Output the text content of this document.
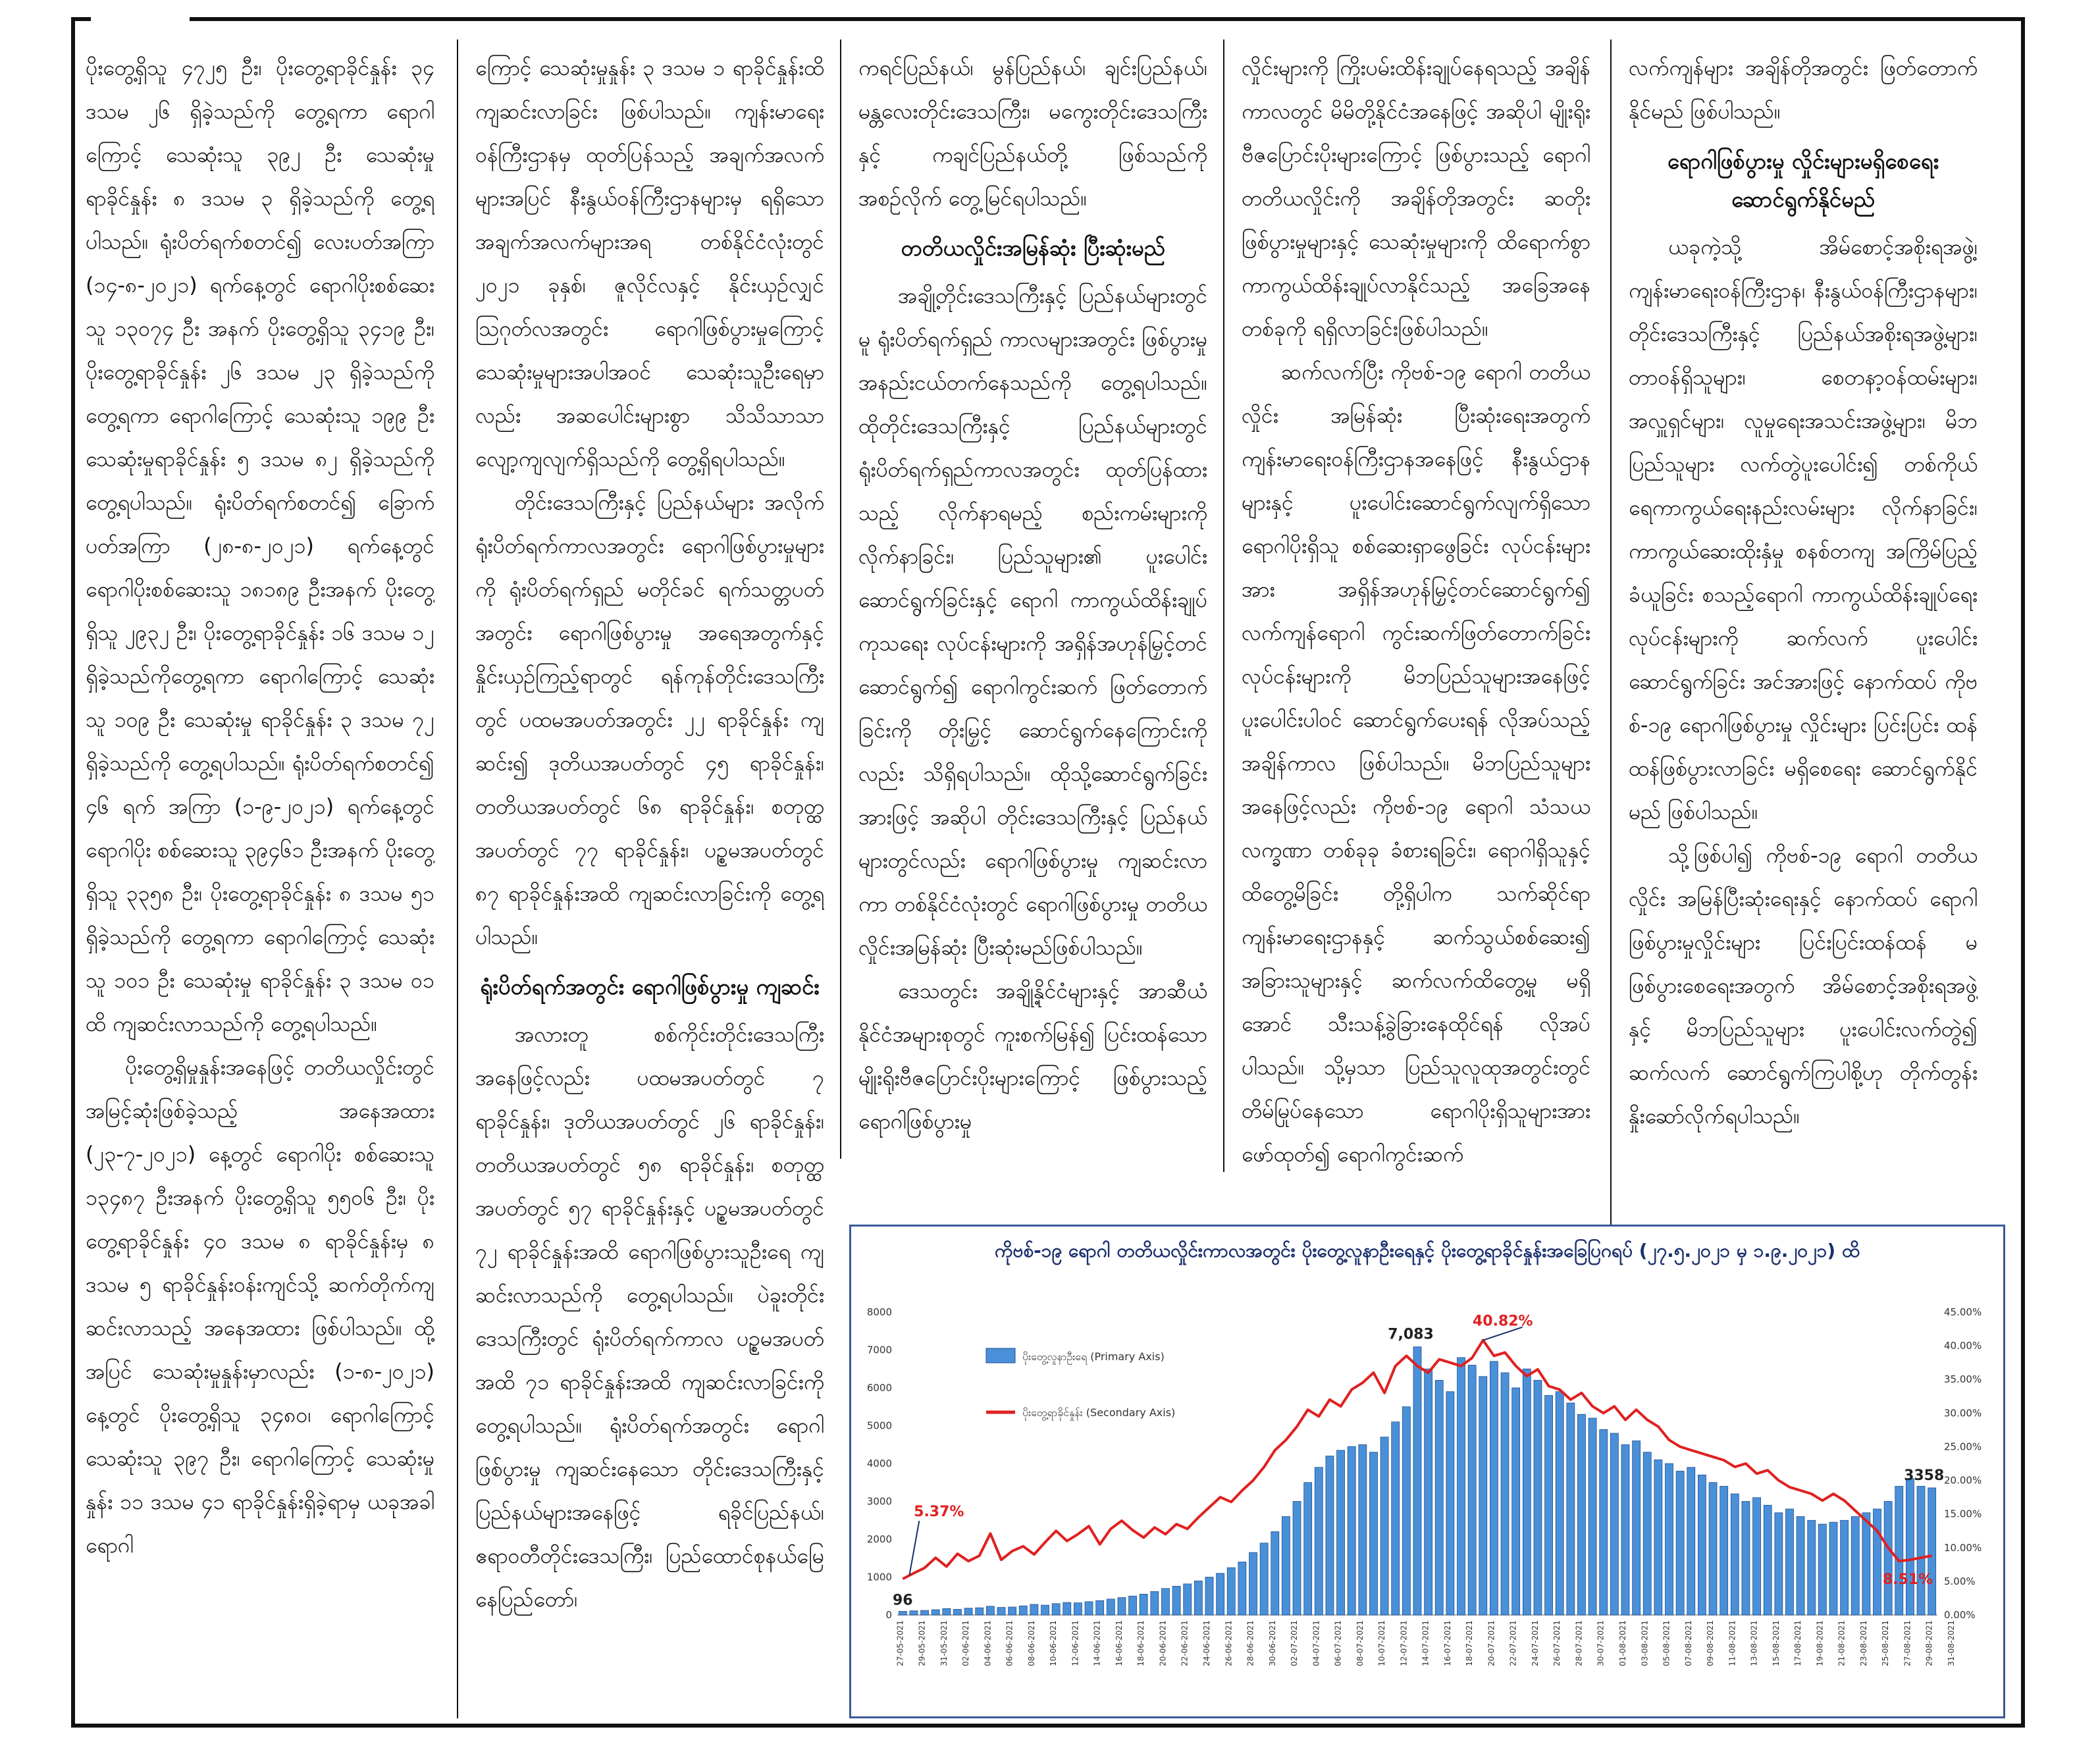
ပိုးတွေ့ရှိသူ ၄၇၂၅ ဦး၊ ပိုးတွေ့ရာခိုင်နှုန်း ၃၄ ဒသမ ၂၆ ရှိခဲ့သည်ကို တွေ့ရကာ ရောဂါကြောင့် သေဆုံးသူ ၃၉၂ ဦး သေဆုံးမှုရာခိုင်နှုန်း ၈ ဒသမ ၃ ရှိခဲ့သည်ကို တွေ့ရပါသည်။ ရုံးပိတ်ရက်စတင်၍ လေးပတ်အကြာ (၁၄-၈-၂၀၂၁) ရက်နေ့တွင် ရောဂါပိုးစစ်ဆေးသူ ၁၃၀၇၄ ဦး အနက် ပိုးတွေ့ရှိသူ ၃၄၁၉ ဦး၊ ပိုးတွေ့ရာခိုင်နှုန်း ၂၆ ဒသမ ၂၃ ရှိခဲ့သည်ကို တွေ့ရကာ ရောဂါကြောင့် သေဆုံးသူ ၁၉၉ ဦး သေဆုံးမှုရာခိုင်နှုန်း ၅ ဒသမ ၈၂ ရှိခဲ့သည်ကို တွေ့ရပါသည်။ ရုံးပိတ်ရက်စတင်၍ ခြောက်ပတ်အကြာ (၂၈-၈-၂၀၂၁) ရက်နေ့တွင် ရောဂါပိုးစစ်ဆေးသူ ၁၈၁၈၉ ဦးအနက် ပိုးတွေ့ရှိသူ ၂၉၃၂ ဦး၊ ပိုးတွေ့ရာခိုင်နှုန်း ၁၆ ဒသမ ၁၂ ရှိခဲ့သည်ကိုတွေ့ရကာ ရောဂါကြောင့် သေဆုံးသူ ၁၀၉ ဦး သေဆုံးမှု ရာခိုင်နှုန်း ၃ ဒသမ ၇၂ ရှိခဲ့သည်ကို တွေ့ရပါသည်။ ရုံးပိတ်ရက်စတင်၍ ၄၆ ရက် အကြာ (၁-၉-၂၀၂၁) ရက်နေ့တွင် ရောဂါပိုး စစ်ဆေးသူ ၃၉၄၆၁ ဦးအနက် ပိုးတွေ့ရှိသူ ၃၃၅၈ ဦး၊ ပိုးတွေ့ရာခိုင်နှုန်း ၈ ဒသမ ၅၁ ရှိခဲ့သည်ကို တွေ့ရကာ ရောဂါကြောင့် သေဆုံးသူ ၁၀၁ ဦး သေဆုံးမှု ရာခိုင်နှုန်း ၃ ဒသမ ၀၁ ထိ ကျဆင်းလာသည်ကို တွေ့ရပါသည်။

ပိုးတွေ့ရှိမှုနှုန်းအနေဖြင့် တတိယလှိုင်းတွင် အမြင့်ဆုံးဖြစ်ခဲ့သည့် အနေအထား (၂၃-၇-၂၀၂၁) နေ့တွင် ရောဂါပိုး စစ်ဆေးသူ ၁၃၄၈၇ ဦးအနက် ပိုးတွေ့ရှိသူ ၅၅၀၆ ဦး၊ ပိုးတွေ့ရာခိုင်နှုန်း ၄၀ ဒသမ ၈ ရာခိုင်နှုန်းမှ ၈ ဒသမ ၅ ရာခိုင်နှုန်းဝန်းကျင်သို့ ဆက်တိုက်ကျဆင်းလာသည့် အနေအထား ဖြစ်ပါသည်။ ထို့အပြင် သေဆုံးမှုနှုန်းမှာလည်း (၁-၈-၂၀၂၁) နေ့တွင် ပိုးတွေ့ရှိသူ ၃၄၈၀၊ ရောဂါကြောင့် သေဆုံးသူ ၃၉၇ ဦး၊ ရောဂါကြောင့် သေဆုံးမှုနှုန်း ၁၁ ဒသမ ၄၁ ရာခိုင်နှုန်းရှိခဲ့ရာမှ ယခုအခါ ရောဂါ

ကြောင့် သေဆုံးမှုနှုန်း ၃ ဒသမ ၁ ရာခိုင်နှုန်းထိ ကျဆင်းလာခြင်း ဖြစ်ပါသည်။ ကျန်းမာရေးဝန်ကြီးဌာနမှ ထုတ်ပြန်သည့် အချက်အလက်များအပြင် နီးနွယ်ဝန်ကြီးဌာနများမှ ရရှိသော အချက်အလက်များအရ တစ်နိုင်ငံလုံးတွင် ၂၀၂၁ ခုနှစ်၊ ဇူလိုင်လနှင့် နိုင်းယှဉ်လျှင် ဩဂုတ်လအတွင်း ရောဂါဖြစ်ပွားမှုကြောင့် သေဆုံးမှုများအပါအဝင် သေဆုံးသူဦးရေမှာလည်း အဆပေါင်းများစွာ သိသိသာသာ လျော့ကျလျက်ရှိသည်ကို တွေ့ရှိရပါသည်။

တိုင်းဒေသကြီးနှင့် ပြည်နယ်များ အလိုက် ရုံးပိတ်ရက်ကာလအတွင်း ရောဂါဖြစ်ပွားမှုများကို ရုံးပိတ်ရက်ရှည် မတိုင်ခင် ရက်သတ္တပတ်အတွင်း ရောဂါဖြစ်ပွားမှု အရေအတွက်နှင့် နှိုင်းယှဉ်ကြည့်ရာတွင် ရန်ကုန်တိုင်းဒေသကြီးတွင် ပထမအပတ်အတွင်း ၂၂ ရာခိုင်နှုန်း ကျဆင်း၍ ဒုတိယအပတ်တွင် ၄၅ ရာခိုင်နှုန်း၊ တတိယအပတ်တွင် ၆၈ ရာခိုင်နှုန်း၊ စတုတ္ထအပတ်တွင် ၇၇ ရာခိုင်နှုန်း၊ ပဉ္စမအပတ်တွင် ၈၇ ရာခိုင်နှုန်းအထိ ကျဆင်းလာခြင်းကို တွေ့ရပါသည်။

ရုံးပိတ်ရက်အတွင်း ရောဂါဖြစ်ပွားမှု ကျဆင်း

အလားတူ စစ်ကိုင်းတိုင်းဒေသကြီး အနေဖြင့်လည်း ပထမအပတ်တွင် ၇ ရာခိုင်နှုန်း၊ ဒုတိယအပတ်တွင် ၂၆ ရာခိုင်နှုန်း၊ တတိယအပတ်တွင် ၅၈ ရာခိုင်နှုန်း၊ စတုတ္ထအပတ်တွင် ၅၇ ရာခိုင်နှုန်းနှင့် ပဉ္စမအပတ်တွင် ၇၂ ရာခိုင်နှုန်းအထိ ရောဂါဖြစ်ပွားသူဦးရေ ကျဆင်းလာသည်ကို တွေ့ရပါသည်။ ပဲခူးတိုင်းဒေသကြီးတွင် ရုံးပိတ်ရက်ကာလ ပဉ္စမအပတ်အထိ ၇၁ ရာခိုင်နှုန်းအထိ ကျဆင်းလာခြင်းကို တွေ့ရပါသည်။ ရုံးပိတ်ရက်အတွင်း ရောဂါဖြစ်ပွားမှု ကျဆင်းနေသော တိုင်းဒေသကြီးနှင့် ပြည်နယ်များအနေဖြင့် ရခိုင်ပြည်နယ်၊ ဧရာဝတီတိုင်းဒေသကြီး၊ ပြည်ထောင်စုနယ်မြေ နေပြည်တော်၊

ကရင်ပြည်နယ်၊ မွန်ပြည်နယ်၊ ချင်းပြည်နယ်၊ မန္တလေးတိုင်းဒေသကြီး၊ မကွေးတိုင်းဒေသကြီးနှင့် ကချင်ပြည်နယ်တို့ ဖြစ်သည်ကို အစဉ်လိုက် တွေ့မြင်ရပါသည်။

တတိယလှိုင်းအမြန်ဆုံး ပြီးဆုံးမည်

အချို့တိုင်းဒေသကြီးနှင့် ပြည်နယ်များတွင်မူ ရုံးပိတ်ရက်ရှည် ကာလများအတွင်း ဖြစ်ပွားမှုအနည်းငယ်တက်နေသည်ကို တွေ့ရပါသည်။ ထိုတိုင်းဒေသကြီးနှင့် ပြည်နယ်များတွင် ရုံးပိတ်ရက်ရှည်ကာလအတွင်း ထုတ်ပြန်ထားသည့် လိုက်နာရမည့် စည်းကမ်းများကို လိုက်နာခြင်း၊ ပြည်သူများ၏ ပူးပေါင်းဆောင်ရွက်ခြင်းနှင့် ရောဂါ ကာကွယ်ထိန်းချုပ်ကုသရေး လုပ်ငန်းများကို အရှိန်အဟုန်မြှင့်တင် ဆောင်ရွက်၍ ရောဂါကွင်းဆက် ဖြတ်တောက်ခြင်းကို တိုးမြှင့် ဆောင်ရွက်နေကြောင်းကိုလည်း သိရှိရပါသည်။ ထိုသို့ဆောင်ရွက်ခြင်းအားဖြင့် အဆိုပါ တိုင်းဒေသကြီးနှင့် ပြည်နယ်များတွင်လည်း ရောဂါဖြစ်ပွားမှု ကျဆင်းလာကာ တစ်နိုင်ငံလုံးတွင် ရောဂါဖြစ်ပွားမှု တတိယလှိုင်းအမြန်ဆုံး ပြီးဆုံးမည်ဖြစ်ပါသည်။

ဒေသတွင်း အချို့နိုင်ငံများနှင့် အာဆီယံနိုင်ငံအများစုတွင် ကူးစက်မြန်၍ ပြင်းထန်သော မျိုးရိုးဗီဇပြောင်းပိုးများကြောင့် ဖြစ်ပွားသည့် ရောဂါဖြစ်ပွားမှု

လှိုင်းများကို ကြိုးပမ်းထိန်းချုပ်နေရသည့် အချိန်ကာလတွင် မိမိတို့နိုင်ငံအနေဖြင့် အဆိုပါ မျိုးရိုးဗီဇပြောင်းပိုးများကြောင့် ဖြစ်ပွားသည့် ရောဂါတတိယလှိုင်းကို အချိန်တိုအတွင်း ဆတိုးဖြစ်ပွားမှုများနှင့် သေဆုံးမှုများကို ထိရောက်စွာ ကာကွယ်ထိန်းချုပ်လာနိုင်သည့် အခြေအနေတစ်ခုကို ရရှိလာခြင်းဖြစ်ပါသည်။

ဆက်လက်ပြီး ကိုဗစ်-၁၉ ရောဂါ တတိယလှိုင်း အမြန်ဆုံး ပြီးဆုံးရေးအတွက် ကျန်းမာရေးဝန်ကြီးဌာနအနေဖြင့် နီးနွယ်ဌာနများနှင့် ပူးပေါင်းဆောင်ရွက်လျက်ရှိသော ရောဂါပိုးရှိသူ စစ်ဆေးရှာဖွေခြင်း လုပ်ငန်းများအား အရှိန်အဟုန်မြှင့်တင်ဆောင်ရွက်၍ လက်ကျန်ရောဂါ ကွင်းဆက်ဖြတ်တောက်ခြင်း လုပ်ငန်းများကို မိဘပြည်သူများအနေဖြင့် ပူးပေါင်းပါဝင် ဆောင်ရွက်ပေးရန် လိုအပ်သည့်အချိန်ကာလ ဖြစ်ပါသည်။ မိဘပြည်သူများအနေဖြင့်လည်း ကိုဗစ်-၁၉ ရောဂါ သံသယလက္ခဏာ တစ်ခုခု ခံစားရခြင်း၊ ရောဂါရှိသူနှင့် ထိတွေ့မိခြင်း တို့ရှိပါက သက်ဆိုင်ရာ ကျန်းမာရေးဌာနနှင့် ဆက်သွယ်စစ်ဆေး၍ အခြားသူများနှင့် ဆက်လက်ထိတွေ့မှု မရှိအောင် သီးသန့်ခွဲခြားနေထိုင်ရန် လိုအပ်ပါသည်။ သို့မှသာ ပြည်သူလူထုအတွင်းတွင် တိမ်မြုပ်နေသော ရောဂါပိုးရှိသူများအား ဖော်ထုတ်၍ ရောဂါကွင်းဆက်

လက်ကျန်များ အချိန်တိုအတွင်း ဖြတ်တောက်နိုင်မည် ဖြစ်ပါသည်။

ရောဂါဖြစ်ပွားမှု လှိုင်းများမရှိစေရေး ဆောင်ရွက်နိုင်မည်

ယခုကဲ့သို့ အိမ်စောင့်အစိုးရအဖွဲ့၊ ကျန်းမာရေးဝန်ကြီးဌာန၊ နီးနွယ်ဝန်ကြီးဌာနများ၊ တိုင်းဒေသကြီးနှင့် ပြည်နယ်အစိုးရအဖွဲ့များ၊ တာဝန်ရှိသူများ၊ စေတနာ့ဝန်ထမ်းများ၊ အလှူရှင်များ၊ လူမှုရေးအသင်းအဖွဲ့များ၊ မိဘပြည်သူများ လက်တွဲပူးပေါင်း၍ တစ်ကိုယ်ရေကာကွယ်ရေးနည်းလမ်းများ လိုက်နာခြင်း၊ ကာကွယ်ဆေးထိုးနှံမှု စနစ်တကျ အကြိမ်ပြည့်ခံယူခြင်း စသည့်ရောဂါ ကာကွယ်ထိန်းချုပ်ရေး လုပ်ငန်းများကို ဆက်လက် ပူးပေါင်းဆောင်ရွက်ခြင်း အင်အားဖြင့် နောက်ထပ် ကိုဗစ်-၁၉ ရောဂါဖြစ်ပွားမှု လှိုင်းများ ပြင်းပြင်း ထန်ထန်ဖြစ်ပွားလာခြင်း မရှိစေရေး ဆောင်ရွက်နိုင်မည် ဖြစ်ပါသည်။

သို့ဖြစ်ပါ၍ ကိုဗစ်-၁၉ ရောဂါ တတိယလှိုင်း အမြန်ပြီးဆုံးရေးနှင့် နောက်ထပ် ရောဂါ ဖြစ်ပွားမှုလှိုင်းများ ပြင်းပြင်းထန်ထန် မဖြစ်ပွားစေရေးအတွက် အိမ်စောင့်အစိုးရအဖွဲ့နှင့် မိဘပြည်သူများ ပူးပေါင်းလက်တွဲ၍ ဆက်လက် ဆောင်ရွက်ကြပါစို့ဟု တိုက်တွန်းနှိုးဆော်လိုက်ရပါသည်။

ကိုဗစ်-၁၉ ရောဂါ တတိယလှိုင်းကာလအတွင်း ပိုးတွေ့လူနာဦးရေနှင့် ပိုးတွေ့ရာခိုင်နှုန်းအခြေပြဂရပ် (၂၇.၅.၂၀၂၁ မှ ၁.၉.၂၀၂၁) ထိ
0
1000
2000
3000
4000
5000
6000
7000
8000
0.00%
5.00%
10.00%
15.00%
20.00%
25.00%
30.00%
35.00%
40.00%
45.00%
27-05-2021 29-05-2021 31-05-2021 02-06-2021 04-06-2021 06-06-2021 08-06-2021 10-06-2021 12-06-2021 14-06-2021 16-06-2021 18-06-2021 20-06-2021 22-06-2021 24-06-2021 26-06-2021 28-06-2021 30-06-2021 02-07-2021 04-07-2021 06-07-2021 08-07-2021 10-07-2021 12-07-2021 14-07-2021 16-07-2021 18-07-2021 20-07-2021 22-07-2021 24-07-2021 26-07-2021 28-07-2021 30-07-2021 01-08-2021 03-08-2021 05-08-2021 07-08-2021 09-08-2021 11-08-2021 13-08-2021 15-08-2021 17-08-2021 19-08-2021 21-08-2021 23-08-2021 25-08-2021 27-08-2021 29-08-2021 31-08-2021
ပိုးတွေ့လူနာဦးရေ (Primary Axis)
ပိုးတွေ့ရာခိုင်နှုန်း (Secondary Axis)
96
7,083
3358
5.37%
40.82%
8.51%
